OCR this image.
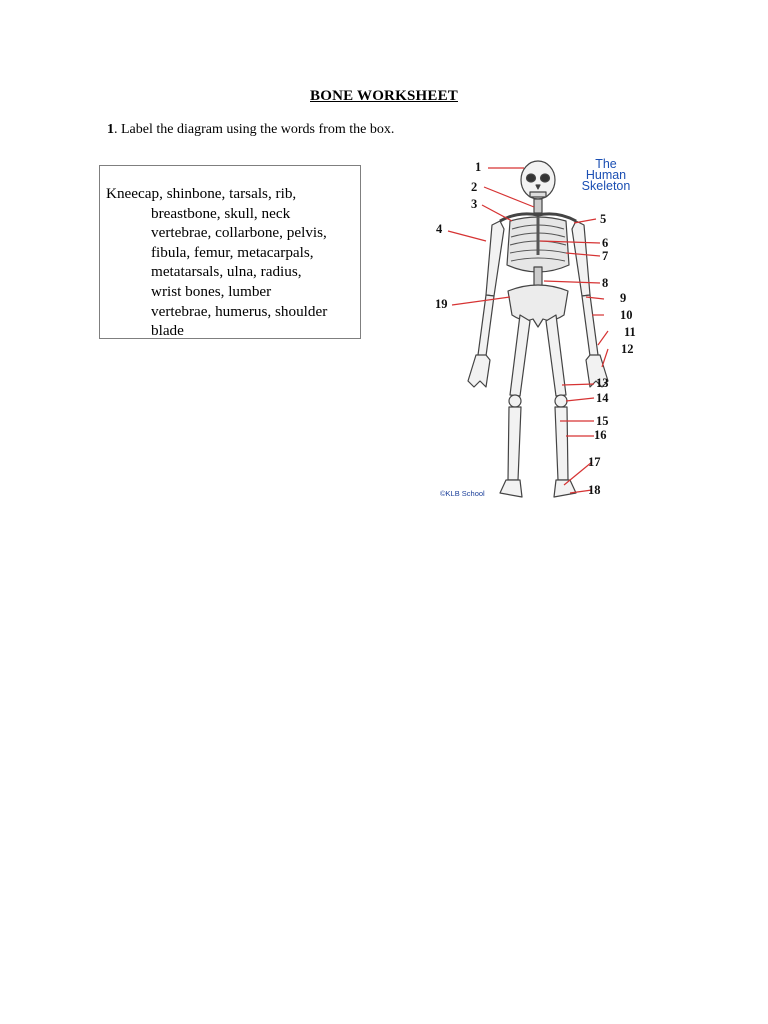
BONE WORKSHEET
1. Label the diagram using the words from the box.
Kneecap, shinbone, tarsals, rib,
breastbone, skull, neck
vertebrae, collarbone, pelvis,
fibula, femur, metacarpals,
metatarsals, ulna, radius,
wrist bones, lumber
vertebrae, humerus, shoulder
blade
The
Human
Skeleton
1
2
3
4
5
6
7
8
9
10
11
12
13
14
15
16
17
18
19
©KLB School
